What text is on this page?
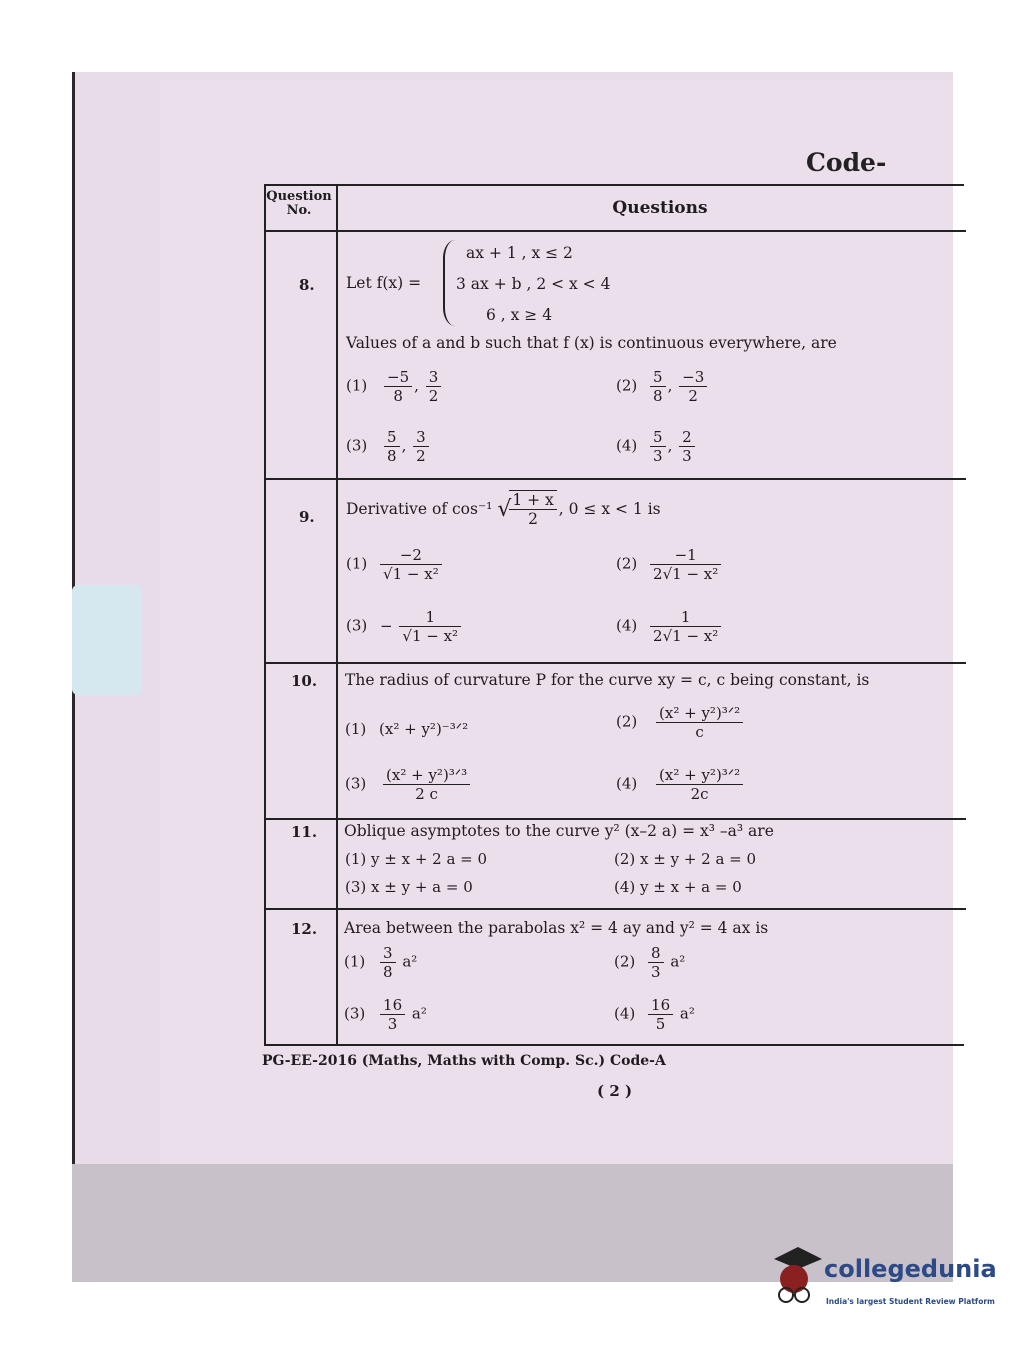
Code-
Question No.	Questions
8. Let f(x) =
ax + 1 , x ≤ 2
3 ax + b , 2 < x < 4
6 , x ≥ 4
Values of a and b such that f (x) is continuous everywhere, are
$(1) \frac{-5}{8}$ , $\frac{3}{2}$	$(2) \frac{5}{8}$ , $\frac{-3}{2}$
$(3) \frac{5}{8}$ , $\frac{3}{2}$	$(4) \frac{5}{3}$ , $\frac{2}{3}$
9. Derivative of cos⁻¹ √
$\frac{1 + x}{2}$ , 0 ≤ x < 1 is
$(1) \frac{-2}{\text{√1 − x²}}$	$(2) \frac{-1}{\text{2√1 − x²}}$
$(3) - \frac{1}{\text{√1 − x²}}$	$(4) \frac{1}{\text{2√1 − x²}}$
10. The radius of curvature P for the curve xy = c, c being constant, is
(1) (x² + y²)⁻³ᐟ²	$(2) \frac{\text{(x² + y²)³ᐟ²}}{c}$
$(3) \frac{\text{(x² + y²)³ᐟ³}}{2 c}$	$(4) \frac{\text{(x² + y²)³ᐟ²}}{2c}$
11. Oblique asymptotes to the curve y² (x–2 a) = x³ –a³ are
(1) y ± x + 2 a = 0	(2) x ± y + 2 a = 0
(3) x ± y + a = 0	(4) y ± x + a = 0
12. Area between the parabolas x² = 4 ay and y² = 4 ax is
$(1) \frac{3}{8} a^2$	$(2) \frac{8}{3} a^2$
$(3) \frac{16}{3} a^2$	$(4) \frac{16}{5} a^2$
PG-EE-2016 (Maths, Maths with Comp. Sc.) Code-A
( 2 )
collegedunia
India's largest Student Review Platform
